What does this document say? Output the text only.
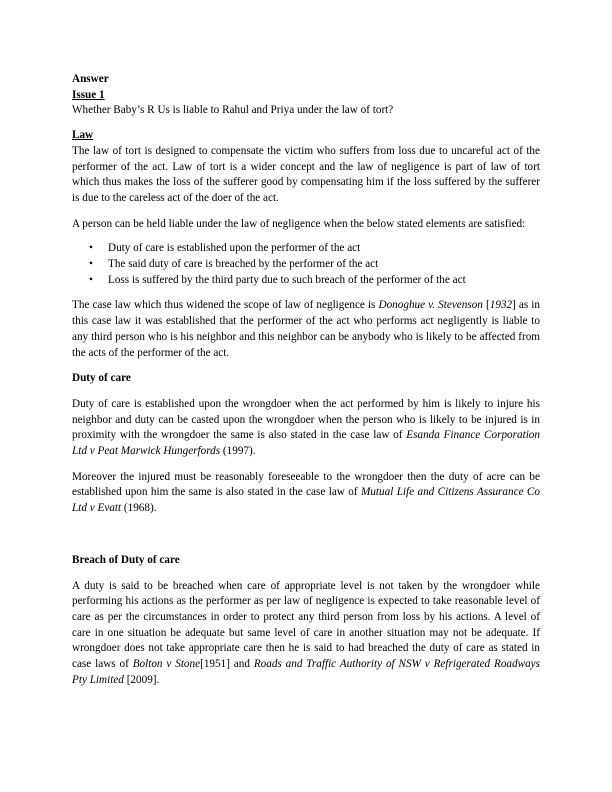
Answer

Issue 1

Whether Baby’s R Us is liable to Rahul and Priya under the law of tort?

Law

The law of tort is designed to compensate the victim who suffers from loss due to uncareful act of the performer of the act. Law of tort is a wider concept and the law of negligence is part of law of tort which thus makes the loss of the sufferer good by compensating him if the loss suffered by the sufferer is due to the careless act of the doer of the act.

A person can be held liable under the law of negligence when the below stated elements are satisfied:

• Duty of care is established upon the performer of the act
• The said duty of care is breached by the performer of the act
• Loss is suffered by the third party due to such breach of the performer of the act

The case law which thus widened the scope of law of negligence is Donoghue v. Stevenson [1932] as in this case law it was established that the performer of the act who performs act negligently is liable to any third person who is his neighbor and this neighbor can be anybody who is likely to be affected from the acts of the performer of the act.

Duty of care

Duty of care is established upon the wrongdoer when the act performed by him is likely to injure his neighbor and duty can be casted upon the wrongdoer when the person who is likely to be injured is in proximity with the wrongdoer the same is also stated in the case law of Esanda Finance Corporation Ltd v Peat Marwick Hungerfords (1997).

Moreover the injured must be reasonably foreseeable to the wrongdoer then the duty of acre can be established upon him the same is also stated in the case law of Mutual Life and Citizens Assurance Co Ltd v Evatt (1968).

Breach of Duty of care

A duty is said to be breached when care of appropriate level is not taken by the wrongdoer while performing his actions as the performer as per law of negligence is expected to take reasonable level of care as per the circumstances in order to protect any third person from loss by his actions. A level of care in one situation be adequate but same level of care in another situation may not be adequate. If wrongdoer does not take appropriate care then he is said to had breached the duty of care as stated in case laws of Bolton v Stone[1951] and Roads and Traffic Authority of NSW v Refrigerated Roadways Pty Limited [2009].
